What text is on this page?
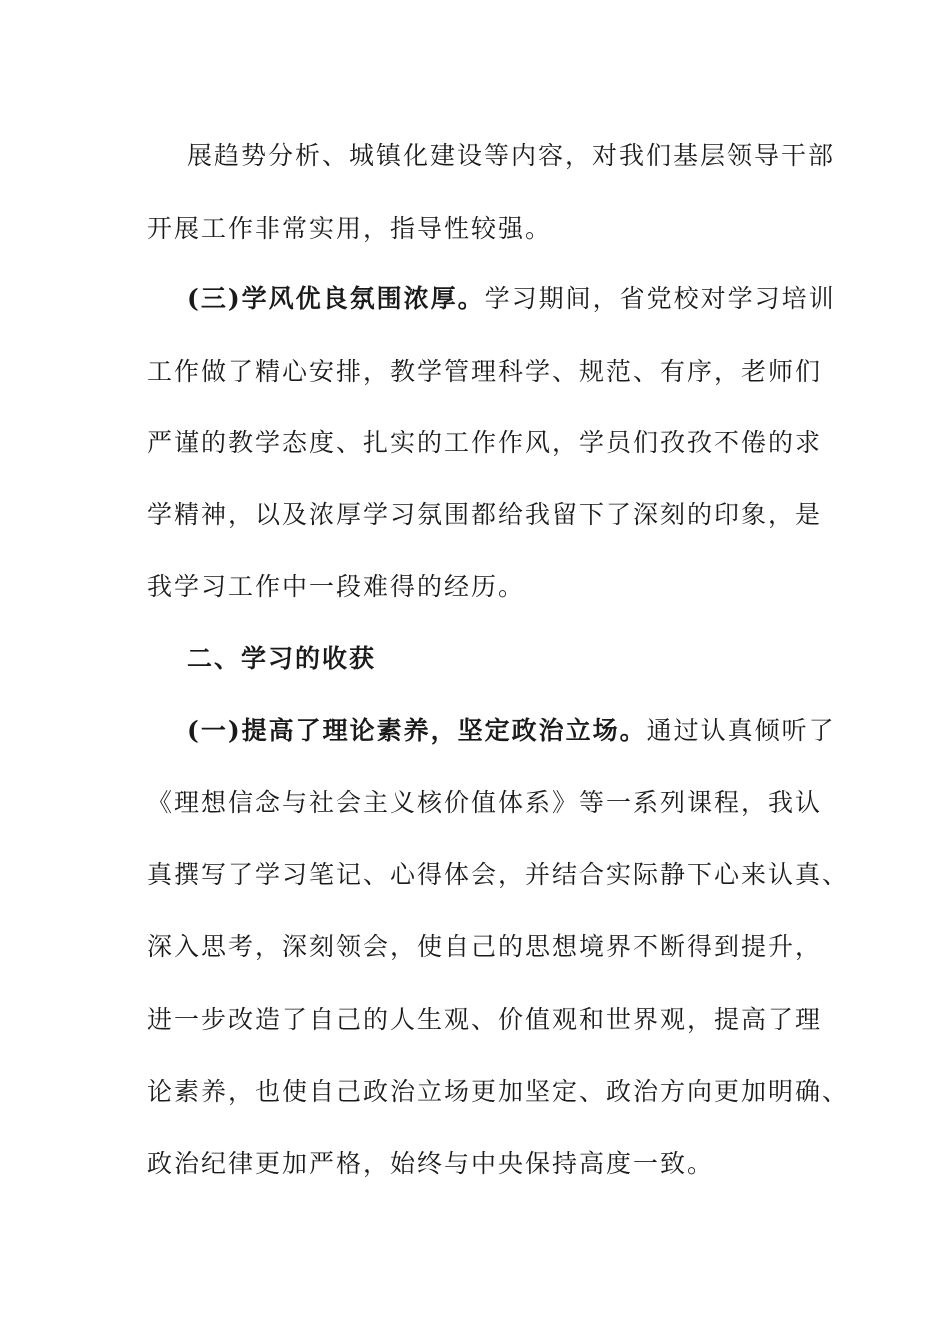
展趋势分析、城镇化建设等内容，对我们基层领导干部
开展工作非常实用，指导性较强。
(三)学风优良氛围浓厚。学习期间，省党校对学习培训
工作做了精心安排，教学管理科学、规范、有序，老师们
严谨的教学态度、扎实的工作作风，学员们孜孜不倦的求
学精神，以及浓厚学习氛围都给我留下了深刻的印象，是
我学习工作中一段难得的经历。
二、学习的收获
(一)提高了理论素养，坚定政治立场。通过认真倾听了
《理想信念与社会主义核价值体系》等一系列课程，我认
真撰写了学习笔记、心得体会，并结合实际静下心来认真、
深入思考，深刻领会，使自己的思想境界不断得到提升，
进一步改造了自己的人生观、价值观和世界观，提高了理
论素养，也使自己政治立场更加坚定、政治方向更加明确、
政治纪律更加严格，始终与中央保持高度一致。
